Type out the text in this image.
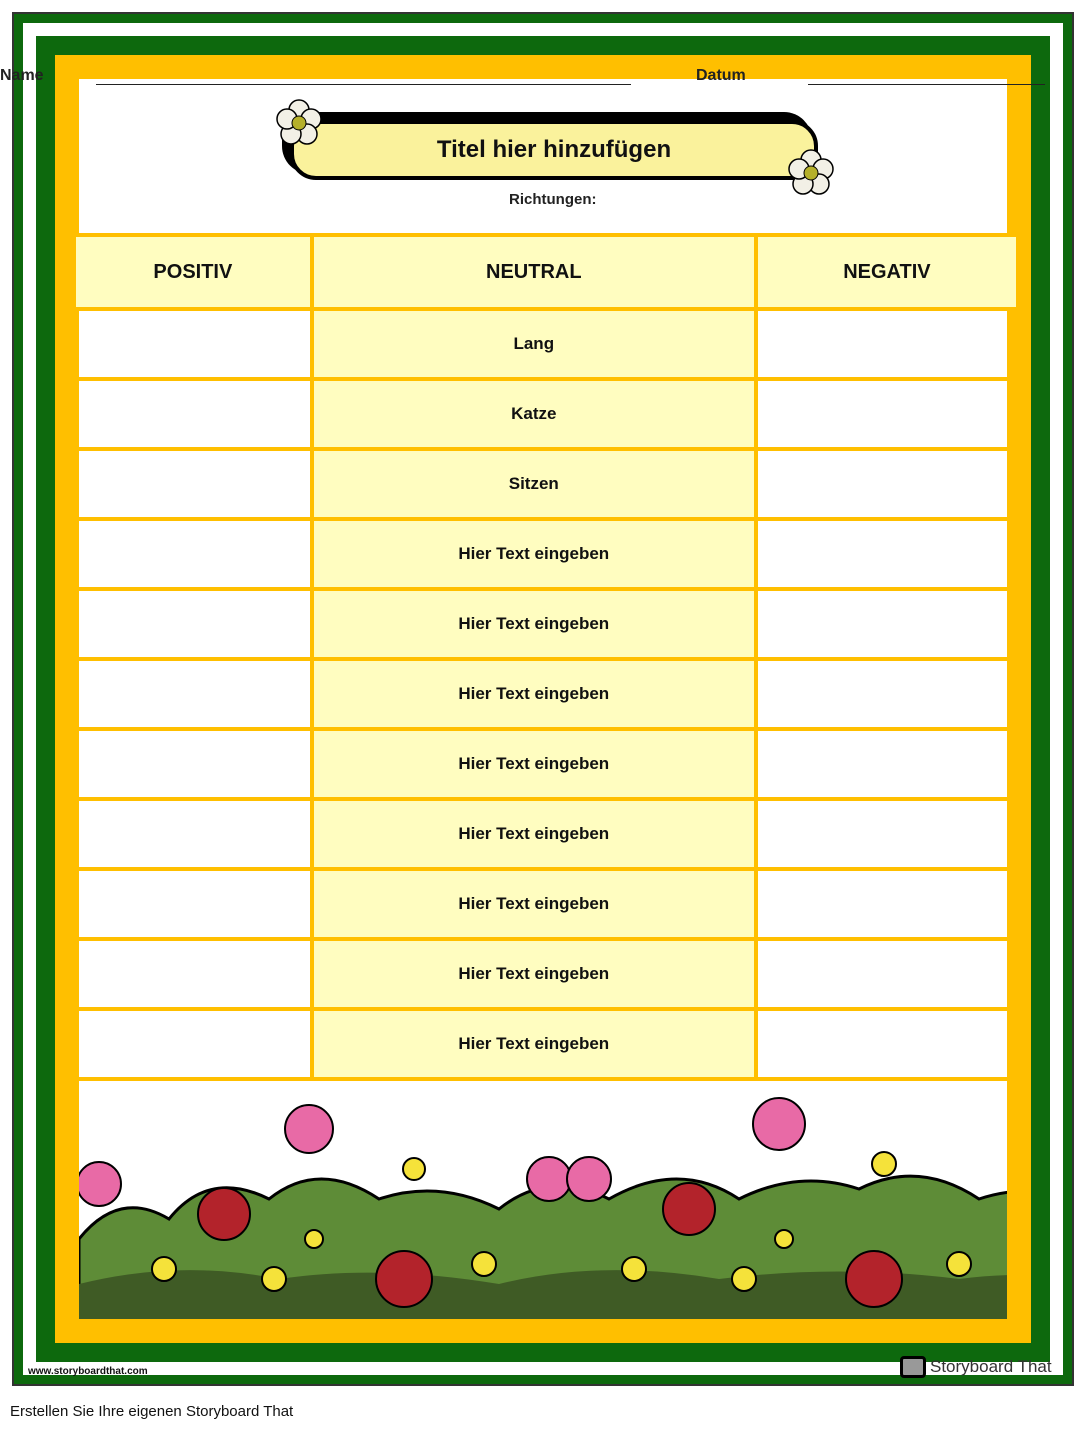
Name	Datum
Titel hier hinzufügen
Richtungen:
POSITIV	NEUTRAL	NEGATIV
	Lang	
	Katze	
	Sitzen	
	Hier Text eingeben	
	Hier Text eingeben	
	Hier Text eingeben	
	Hier Text eingeben	
	Hier Text eingeben	
	Hier Text eingeben	
	Hier Text eingeben	
	Hier Text eingeben	
www.storyboardthat.com	Storyboard That
Erstellen Sie Ihre eigenen Storyboard That
